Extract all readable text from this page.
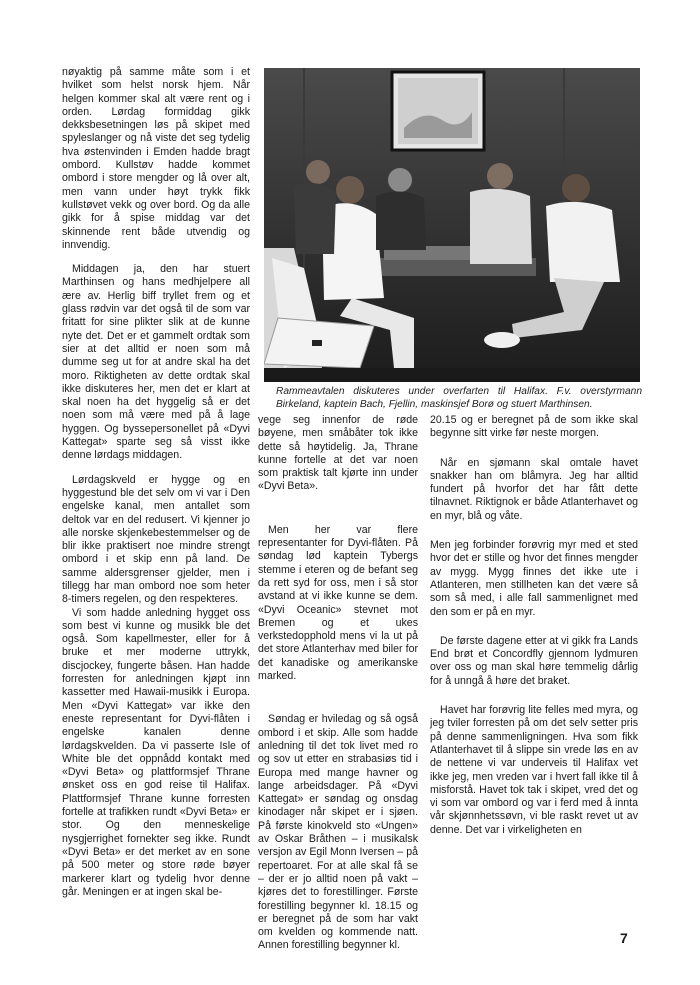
nøyaktig på samme måte som i et hvilket som helst norsk hjem. Når helgen kommer skal alt være rent og i orden. Lørdag formiddag gikk dekksbesetningen løs på skipet med spyleslanger og nå viste det seg tydelig hva østenvinden i Emden hadde bragt ombord. Kullstøv hadde kommet ombord i store mengder og lå over alt, men vann under høyt trykk fikk kullstøvet vekk og over bord. Og da alle gikk for å spise middag var det skinnende rent både utvendig og innvendig.

Middagen ja, den har stuert Marthinsen og hans medhjelpere all ære av. Herlig biff tryllet frem og et glass rødvin var det også til de som var fritatt for sine plikter slik at de kunne nyte det. Det er et gammelt ordtak som sier at det alltid er noen som må dumme seg ut for at andre skal ha det moro. Riktigheten av dette ordtak skal ikke diskuteres her, men det er klart at skal noen ha det hyggelig så er det noen som må være med på å lage hyggen. Og byssepersonellet på «Dyvi Kattegat» sparte seg så visst ikke denne lørdags middagen.

Lørdagskveld er hygge og en hyggestund ble det selv om vi var i Den engelske kanal, men antallet som deltok var en del redusert. Vi kjenner jo alle norske skjenkebestemmelser og de blir ikke praktisert noe mindre strengt ombord i et skip enn på land. De samme aldersgrenser gjelder, men i tillegg har man ombord noe som heter 8-timers regelen, og den respekteres.

Vi som hadde anledning hygget oss som best vi kunne og musikk ble det også. Som kapellmester, eller for å bruke et mer moderne uttrykk, discjockey, fungerte båsen. Han hadde forresten for anledningen kjøpt inn kassetter med Hawaii-musikk i Europa. Men «Dyvi Kattegat» var ikke den eneste representant for Dyvi-flåten i engelske kanalen denne lørdagskvelden. Da vi passerte Isle of White ble det oppnådd kontakt med «Dyvi Beta» og plattformsjef Thrane ønsket oss en god reise til Halifax. Plattformsjef Thrane kunne forresten fortelle at trafikken rundt «Dyvi Beta» er stor. Og den menneskelige nysgjerrighet fornekter seg ikke. Rundt «Dyvi Beta» er det merket av en sone på 500 meter og store røde bøyer markerer klart og tydelig hvor denne går. Meningen er at ingen skal be-

Rammeavtalen diskuteres under overfarten til Halifax. F.v. overstyrmann Birkeland, kaptein Bach, Fjellin, maskinsjef Borø og stuert Marthinsen.

vege seg innenfor de røde bøyene, men småbåter tok ikke dette så høytidelig. Ja, Thrane kunne fortelle at det var noen som praktisk talt kjørte inn under «Dyvi Beta».

Men her var flere representanter for Dyvi-flåten. På søndag lød kaptein Tybergs stemme i eteren og de befant seg da rett syd for oss, men i så stor avstand at vi ikke kunne se dem. «Dyvi Oceanic» stevnet mot Bremen og et ukes verkstedopphold mens vi la ut på det store Atlanterhav med biler for det kanadiske og amerikanske marked.

Søndag er hviledag og så også ombord i et skip. Alle som hadde anledning til det tok livet med ro og sov ut etter en strabasiøs tid i Europa med mange havner og lange arbeidsdager. På «Dyvi Kattegat» er søndag og onsdag kinodager når skipet er i sjøen. På første kinokveld sto «Ungen» av Oskar Bråthen – i musikalsk versjon av Egil Monn Iversen – på repertoaret. For at alle skal få se – der er jo alltid noen på vakt – kjøres det to forestillinger. Første forestilling begynner kl. 18.15 og er beregnet på de som har vakt om kvelden og kommende natt. Annen forestilling begynner kl.

20.15 og er beregnet på de som ikke skal begynne sitt virke før neste morgen.

Når en sjømann skal omtale havet snakker han om blåmyra. Jeg har alltid fundert på hvorfor det har fått dette tilnavnet. Riktignok er både Atlanterhavet og en myr, blå og våte.

Men jeg forbinder forøvrig myr med et sted hvor det er stille og hvor det finnes mengder av mygg. Mygg finnes det ikke ute i Atlanteren, men stillheten kan det være så som så med, i alle fall sammenlignet med den som er på en myr.

De første dagene etter at vi gikk fra Lands End brøt et Concordfly gjennom lydmuren over oss og man skal høre temmelig dårlig for å unngå å høre det braket.

Havet har forøvrig lite felles med myra, og jeg tviler forresten på om det selv setter pris på denne sammenligningen. Hva som fikk Atlanterhavet til å slippe sin vrede løs en av de nettene vi var underveis til Halifax vet ikke jeg, men vreden var i hvert fall ikke til å misforstå. Havet tok tak i skipet, vred det og vi som var ombord og var i ferd med å innta vår skjønnhetssøvn, vi ble raskt revet ut av denne. Det var i virkeligheten en

7
